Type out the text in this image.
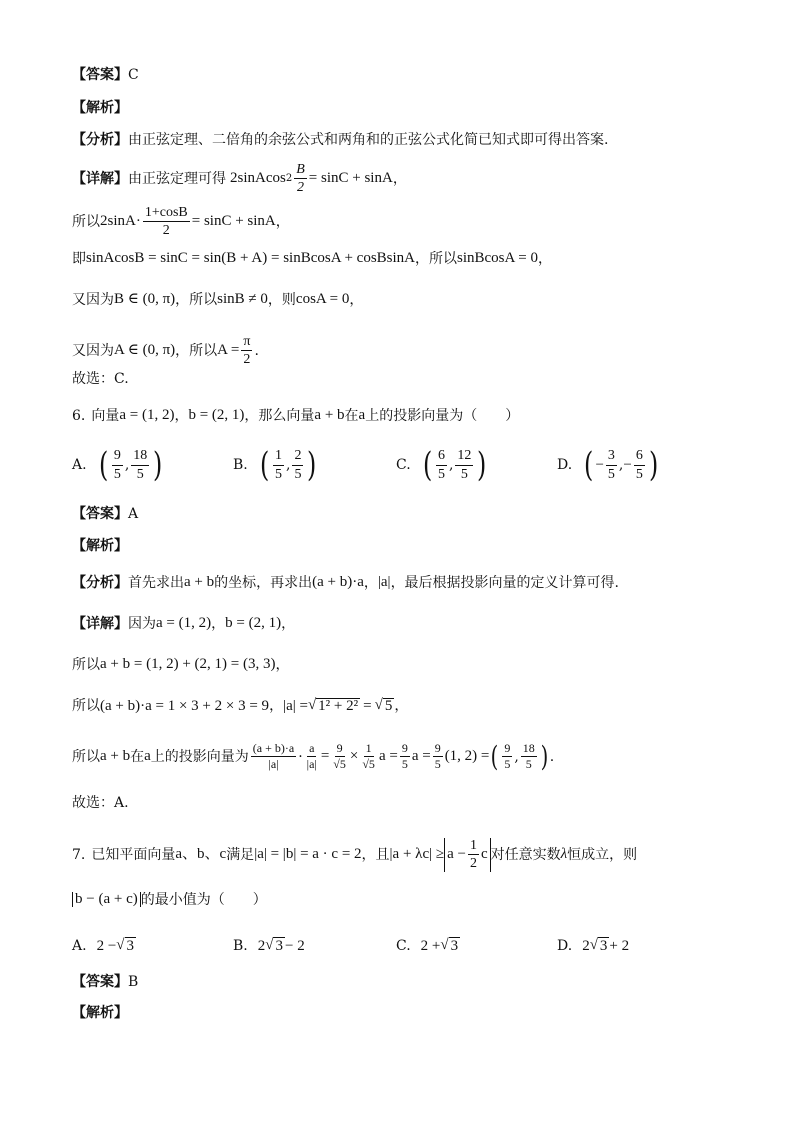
【答案】 C
【解析】
【分析】 由正弦定理、二倍角的余弦公式和两角和的正弦公式化简已知式即可得出答案.
【详解】 由正弦定理可得 2sinAcos $2 \frac{B}{2} = \sin C + \sin A$ ，
所以 $2\sin A\cdot \frac{1+\cos B}{2} = \sin C + \sin A$ ，
即 sinAcosB = sinC = sin(B + A) = sinBcosA + cosBsinA ，所以 sinBcosA = 0 ，
又因为 B ∈ (0, π) ，所以 sinB ≠ 0 ，则 cosA = 0 ，
又因为 A ∈ (0, π) ，所以 $A = \frac{\pi}{2}$ .
故选：C.
6. 向量 a = (1, 2) ， b = (2, 1) ，那么向量 a + b 在 a 上的投影向量为（　　）
A. ( $\frac{9}{5}$ , $\frac{18}{5}$ )	B. ( $\frac{1}{5}$ , $\frac{2}{5}$ )	C. ( $\frac{6}{5}$ , $\frac{12}{5}$ )	D. ( − $\frac{3}{5}$ , − $\frac{6}{5}$ )
【答案】 A
【解析】
【分析】 首先求出 a + b 的坐标，再求出 (a + b)·a ， |a| ，最后根据投影向量的定义计算可得.
【详解】 因为 a = (1, 2) ， b = (2, 1) ，
所以 a + b = (1, 2) + (2, 1) = (3, 3) ，
所以 (a + b)·a = 1 × 3 + 2 × 3 = 9 ， |a| = √ 1² + 2² = √ 5 ，
所以 a + b 在 a 上的投影向量为 $\frac{(a + b)\cdot a}{|a|} \cdot \frac{a}{|a|} = \frac{9}{√5} \times \frac{1}{√5}$ $a = \frac{9}{5}$ $a = \frac{9}{5} (1$, 2) = ( $\frac{9}{5}$ , $\frac{18}{5}$ ) .
故选：A.
7. 已知平面向量 a、b、c 满足 |a| = |b| = a · c = 2 ，且 $|a + \lambda c| \ge a - \frac{1}{2}$ c 对任意实数 λ 恒成立，则
b − (a + c) 的最小值为（　　）
A. 2 − √ 3	B. 2 √ 3 − 2	C. 2 + √ 3	D. 2 √ 3 + 2
【答案】 B
【解析】
